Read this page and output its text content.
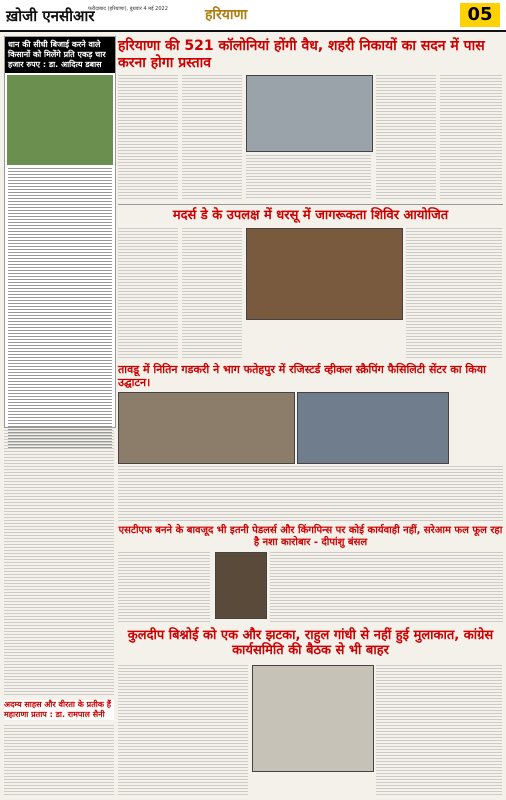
ख़ोजी एनसीआर
फरीदाबाद (हरियाणा), बुधवार 4 मई 2022	हरियाणा	05
धान की सीधी बिजाई करने वाले किसानों को मिलेंगे प्रति एकड़ चार हजार रुपए : डा. आदित्य डबास
हरियाणा की 521 कॉलोनियां होंगी वैध, शहरी निकायों का सदन में पास करना होगा प्रस्ताव
मदर्स डे के उपलक्ष में धरसू में जागरूकता शिविर आयोजित
तावडू में नितिन गडकरी ने भाग फतेहपुर में रजिस्टर्ड व्हीकल स्क्रैपिंग फैसिलिटी सेंटर का किया उद्घाटन।
एसटीएफ बनने के बावजूद भी इतनी पेडलर्स और किंगपिन्स पर कोई कार्यवाही नहीं, सरेआम फल फूल रहा है नशा कारोबार - दीपांशु बंसल
कुलदीप बिश्नोई को एक और झटका, राहुल गांधी से नहीं हुई मुलाकात, कांग्रेस कार्यसमिति की बैठक से भी बाहर
अदम्य साहस और वीरता के प्रतीक हैं महाराणा प्रताप : डा. रामपाल सैनी
